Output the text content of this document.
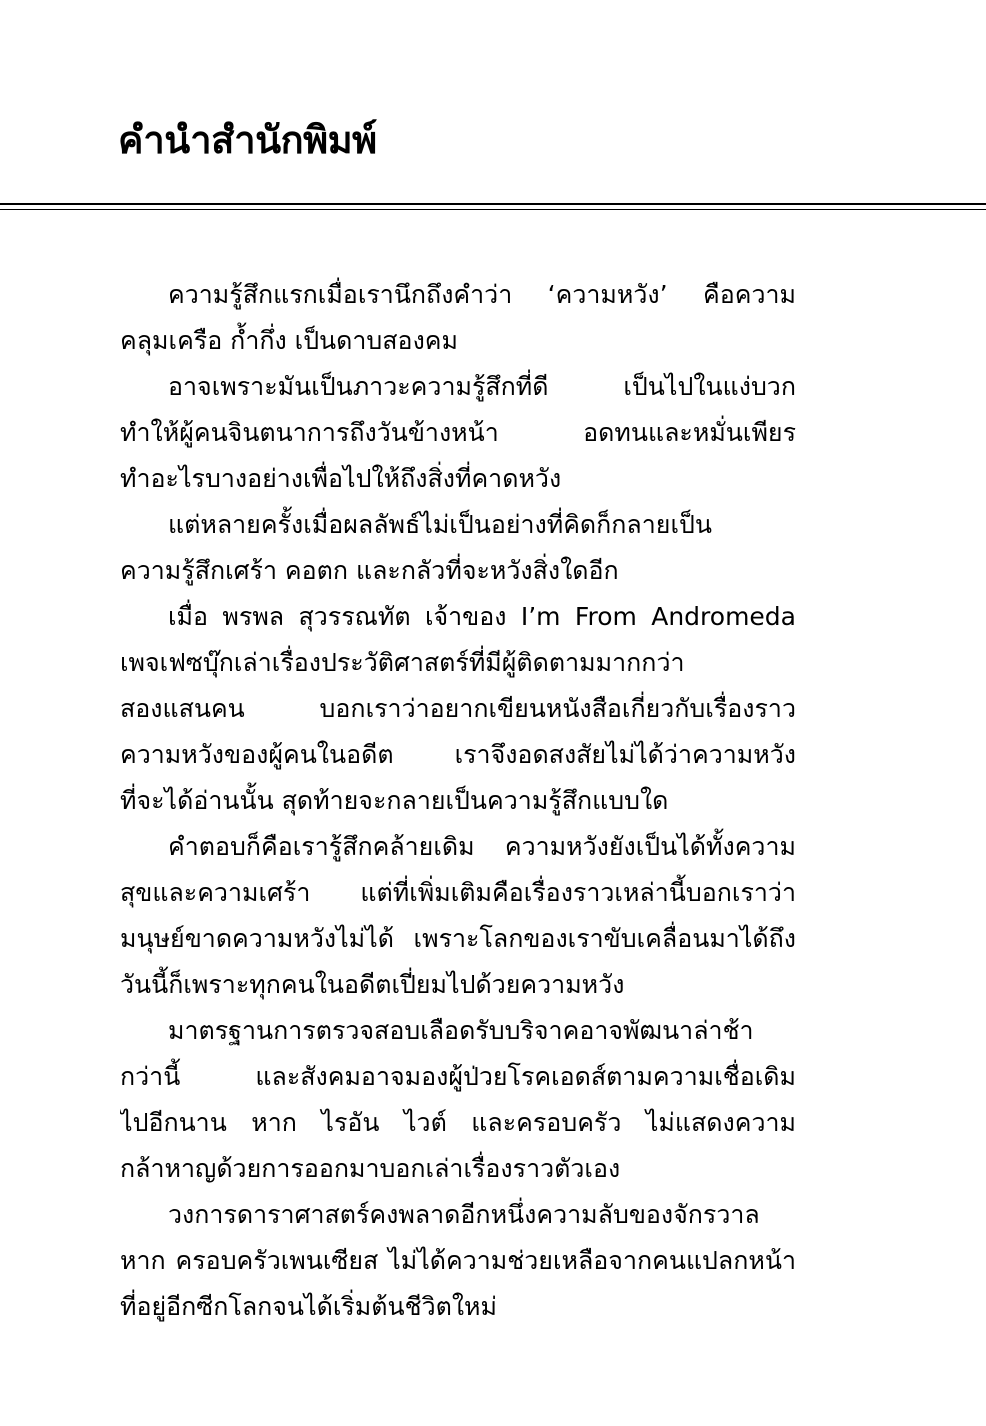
คำนำสำนักพิมพ์
ความรู้สึกแรกเมื่อเรานึกถึงคำว่า ‘ความหวัง’ คือความ
คลุมเครือ ก้ำกึ่ง เป็นดาบสองคม
อาจเพราะมันเป็นภาวะความรู้สึกที่ดี เป็นไปในแง่บวก
ทำให้ผู้คนจินตนาการถึงวันข้างหน้า อดทนและหมั่นเพียร
ทำอะไรบางอย่างเพื่อไปให้ถึงสิ่งที่คาดหวัง
แต่หลายครั้งเมื่อผลลัพธ์ไม่เป็นอย่างที่คิดก็กลายเป็น
ความรู้สึกเศร้า คอตก และกลัวที่จะหวังสิ่งใดอีก
เมื่อ พรพล สุวรรณทัต เจ้าของ I’m From Andromeda
เพจเฟซบุ๊กเล่าเรื่องประวัติศาสตร์ที่มีผู้ติดตามมากกว่า
สองแสนคน บอกเราว่าอยากเขียนหนังสือเกี่ยวกับเรื่องราว
ความหวังของผู้คนในอดีต เราจึงอดสงสัยไม่ได้ว่าความหวัง
ที่จะได้อ่านนั้น สุดท้ายจะกลายเป็นความรู้สึกแบบใด
คำตอบก็คือเรารู้สึกคล้ายเดิม ความหวังยังเป็นได้ทั้งความ
สุขและความเศร้า แต่ที่เพิ่มเติมคือเรื่องราวเหล่านี้บอกเราว่า
มนุษย์ขาดความหวังไม่ได้ เพราะโลกของเราขับเคลื่อนมาได้ถึง
วันนี้ก็เพราะทุกคนในอดีตเปี่ยมไปด้วยความหวัง
มาตรฐานการตรวจสอบเลือดรับบริจาคอาจพัฒนาล่าช้า
กว่านี้ และสังคมอาจมองผู้ป่วยโรคเอดส์ตามความเชื่อเดิม
ไปอีกนาน หาก ไรอัน ไวต์ และครอบครัว ไม่แสดงความ
กล้าหาญด้วยการออกมาบอกเล่าเรื่องราวตัวเอง
วงการดาราศาสตร์คงพลาดอีกหนึ่งความลับของจักรวาล
หาก ครอบครัวเพนเซียส ไม่ได้ความช่วยเหลือจากคนแปลกหน้า
ที่อยู่อีกซีกโลกจนได้เริ่มต้นชีวิตใหม่
